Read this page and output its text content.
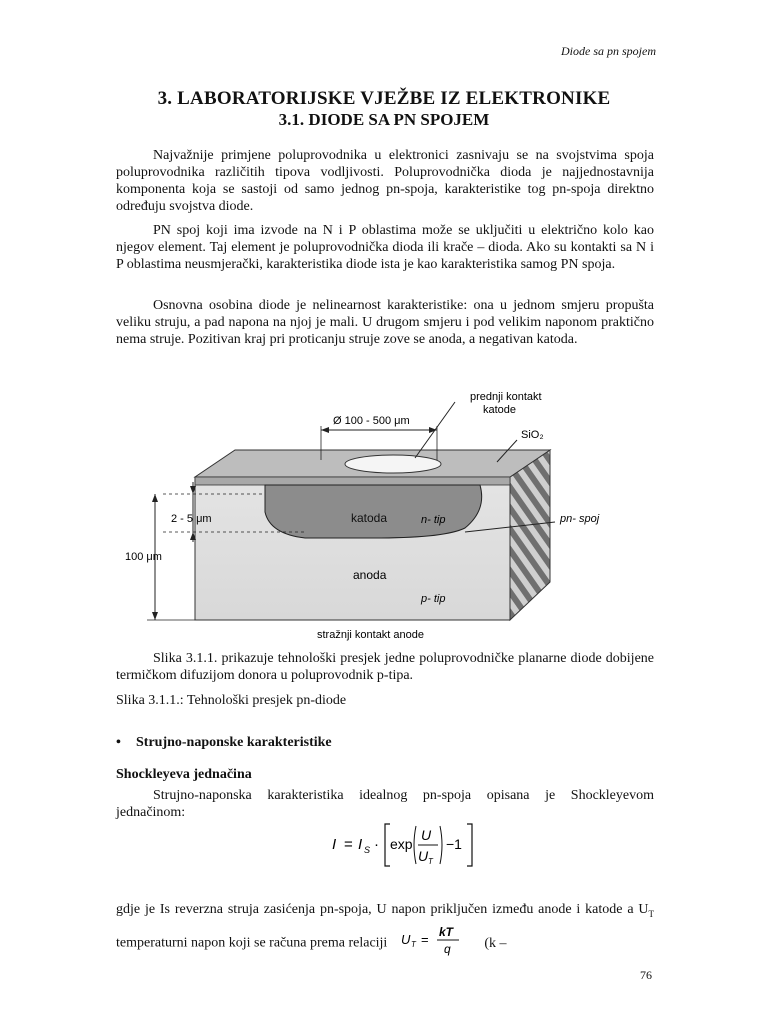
Diode sa pn spojem
3. LABORATORIJSKE VJEŽBE IZ ELEKTRONIKE
3.1. DIODE SA PN SPOJEM

Najvažnije primjene poluprovodnika u elektronici zasnivaju se na svojstvima spoja poluprovodnika različitih tipova vodljivosti. Poluprovodnička dioda je najjednostavnija komponenta koja se sastoji od samo jednog pn-spoja, karakteristike tog pn-spoja direktno određuju svojstva diode.

PN spoj koji ima izvode na N i P oblastima može se uključiti u električno kolo kao njegov element. Taj element je poluprovodnička dioda ili krače – dioda. Ako su kontakti sa N i P oblastima neusmjerački, karakteristika diode ista je kao karakteristika samog PN spoja.

Osnovna osobina diode je nelinearnost karakteristike: ona u jednom smjeru propušta veliku struju, a pad napona na njoj je mali. U drugom smjeru i pod velikim naponom praktično nema struje. Pozitivan kraj pri proticanju struje zove se anoda, a negativan katoda.

prednji kontakt
katode
Ø 100 - 500 μm
SiO₂
2 - 5 μm
100 μm
katoda	n- tip	pn- spoj
anoda
p- tip
stražnji kontakt anode

Slika 3.1.1. prikazuje tehnološki presjek jedne poluprovodničke planarne diode dobijene termičkom difuzijom donora u poluprovodnik p-tipa.

Slika 3.1.1.: Tehnološki presjek pn-diode

• Strujno-naponske karakteristike
Shockleyeva jednačina

Strujno-naponska karakteristika idealnog pn-spoja opisana je Shockleyevom jednačinom:

I = I S · exp
U
U T
−1
gdje je Is reverzna struja zasićenja pn-spoja, U napon priključen između anode i katode a $U_T$ temperaturni napon koji se računa prema relaciji U T = kT
q (k –
76
